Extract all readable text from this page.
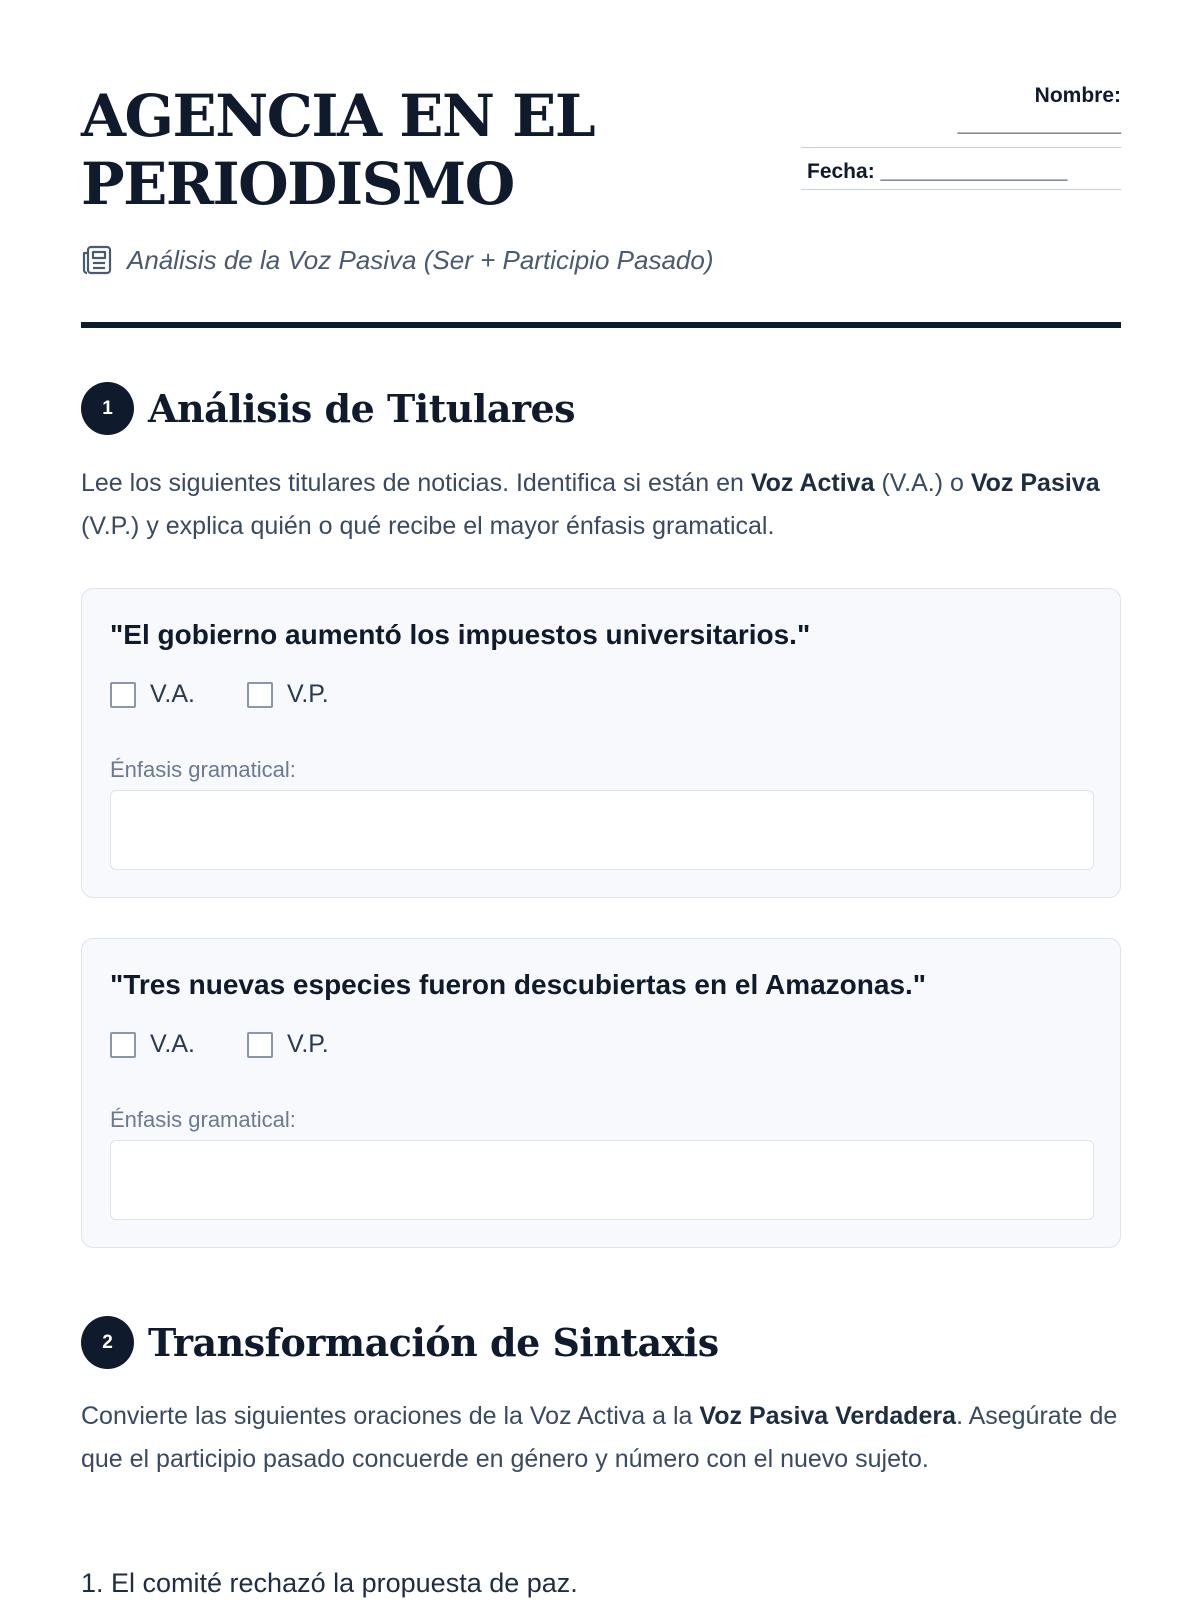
AGENCIA EN EL
PERIODISMO
Nombre:
______________
Fecha: ________________
Análisis de la Voz Pasiva (Ser + Participio Pasado)
1 Análisis de Titulares

Lee los siguientes titulares de noticias. Identifica si están en Voz Activa (V.A.) o Voz Pasiva (V.P.) y explica quién o qué recibe el mayor énfasis gramatical.

"El gobierno aumentó los impuestos universitarios."
V.A.	V.P.
Énfasis gramatical:
"Tres nuevas especies fueron descubiertas en el Amazonas."
V.A.	V.P.
Énfasis gramatical:
2 Transformación de Sintaxis

Convierte las siguientes oraciones de la Voz Activa a la Voz Pasiva Verdadera. Asegúrate de que el participio pasado concuerde en género y número con el nuevo sujeto.

1. El comité rechazó la propuesta de paz.
